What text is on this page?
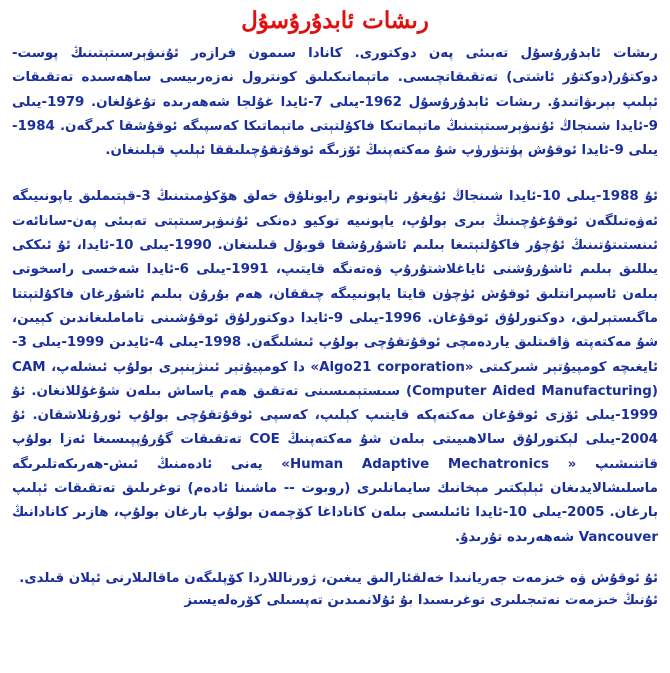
رىشات ئابدۇرۇسۇل

رىشات ئابدۇرۇسۇل تەبىئى پەن دوكتورى. كانادا سىمون فرازەر ئۇنىۋېرسىتېتىنىڭ پوست-دوكتۇر(دوكتۇر ئاشتى) تەتقىقاتچىسى. ماتېماتىكىلىق كونترول نەزەرىيسى ساھەسىدە تەتقىقات ئېلىپ بېرىۋاتىدۇ. رىشات ئابدۇرۇسۇل 1962-يىلى 7-ئايدا غۇلجا شەھەرىدە تۇغۇلغان. 1979-يىلى 9-ئايدا شىنجاڭ ئۇنىۋېرسىتېتىنىڭ ماتېماتىكا فاكۇلتېتى ماتېماتىكا كەسپىگە ئوقۇشقا كىرگەن. 1984-يىلى 9-ئايدا ئوقۇش پۈتتۈرۈپ شۇ مەكتەپنىڭ ئۆزىگە ئوقۇتقۇچىلىققا ئېلىپ قېلىنغان.

ئۇ 1988-يىلى 10-ئايدا شىنجاڭ ئۇيغۇر ئاپتونوم رايونلۇق خەلق ھۆكۈمىتىنىڭ 3-قېتىملىق ياپونىيىگە ئەۋەتىلگەن ئوقۇغۇچىنىڭ بىرى بولۇپ، ياپونىيە توكيو دەنكى ئۇنىۋېرسىتېتى تەبىئى پەن-سانائەت ئىنستىتۇتىنىڭ ئۇچۇر فاكۇلتېتىغا بىلىم ئاشۇرۇشقا قوبۇل قىلىنغان. 1990-يىلى 10-ئايدا، ئۇ ئىككى يىللىق بىلىم ئاشۇرۇشنى ئاياغلاشتۇرۇپ ۋەتەنگە قايتىپ، 1991-يىلى 6-ئايدا شەخسى راسخوتى بىلەن ئاسپىرانتلىق ئوقۇش ئۈچۈن قايتا ياپونىيىگە چىققان، ھەم بۇرۇن بىلىم ئاشۇرغان فاكۇلتېتتا ماگىستېرلىق، دوكتورلۇق ئوقۇغان. 1996-يىلى 9-ئايدا دوكتورلۇق ئوقۇشىنى تاماملىغاندىن كېيىن، شۇ مەكتەپتە ۋاقىتلىق ياردەمچى ئوقۇتقۇچى بولۇپ ئىشلىگەن. 1998-يىلى 4-ئايدىن 1999-يىلى 3-ئايغىچە كومپيۇتېر شىركىتى «Algo21 corporation» دا كومپيۇتېر ئىنژېنېرى بولۇپ ئىشلەپ، CAM (Computer Aided Manufacturing) سىستېمىسىنى تەتقىق ھەم ياساش بىلەن شۇغۇللانغان. ئۇ 1999-يىلى ئۆزى ئوقۇغان مەكتەپكە قايتىپ كېلىپ، كەسپى ئوقۇتقۇچى بولۇپ ئورۇنلاشقان. ئۇ 2004-يىلى لېكتورلۇق سالاھىيىتى بىلەن شۇ مەكتەپنىڭ COE تەتقىقات گۇرۇپپىسىغا ئەزا بولۇپ قاتنىشىپ « Human Adaptive Mechatronics» يەنى ئادەمنىڭ ئىش-ھەرىكەتلىرىگە ماسلىشالايدىغان ئېلېكتىر مېخانىك سايمانلىرى (روبوت -- ماشىنا ئادەم) توغرىلىق تەتقىقات ئېلىپ بارغان. 2005-يىلى 10-ئايدا ئائىلىسى بىلەن كاناداغا كۆچمەن بولۇپ بارغان بولۇپ، ھازىر كانادانىڭ Vancouver شەھەرىدە تۇرىدۇ.

ئۇ ئوقۇش ۋە خىزمەت جەريانىدا خەلقئارالىق يىغىن، ژورناللاردا كۆپلىگەن ماقالىلارنى ئېلان قىلدى.

ئۇنىڭ خىزمەت نەتىجىلىرى توغرىسىدا بۇ ئۇلانمىدىن تەپسىلى كۆرەلەيسىز
